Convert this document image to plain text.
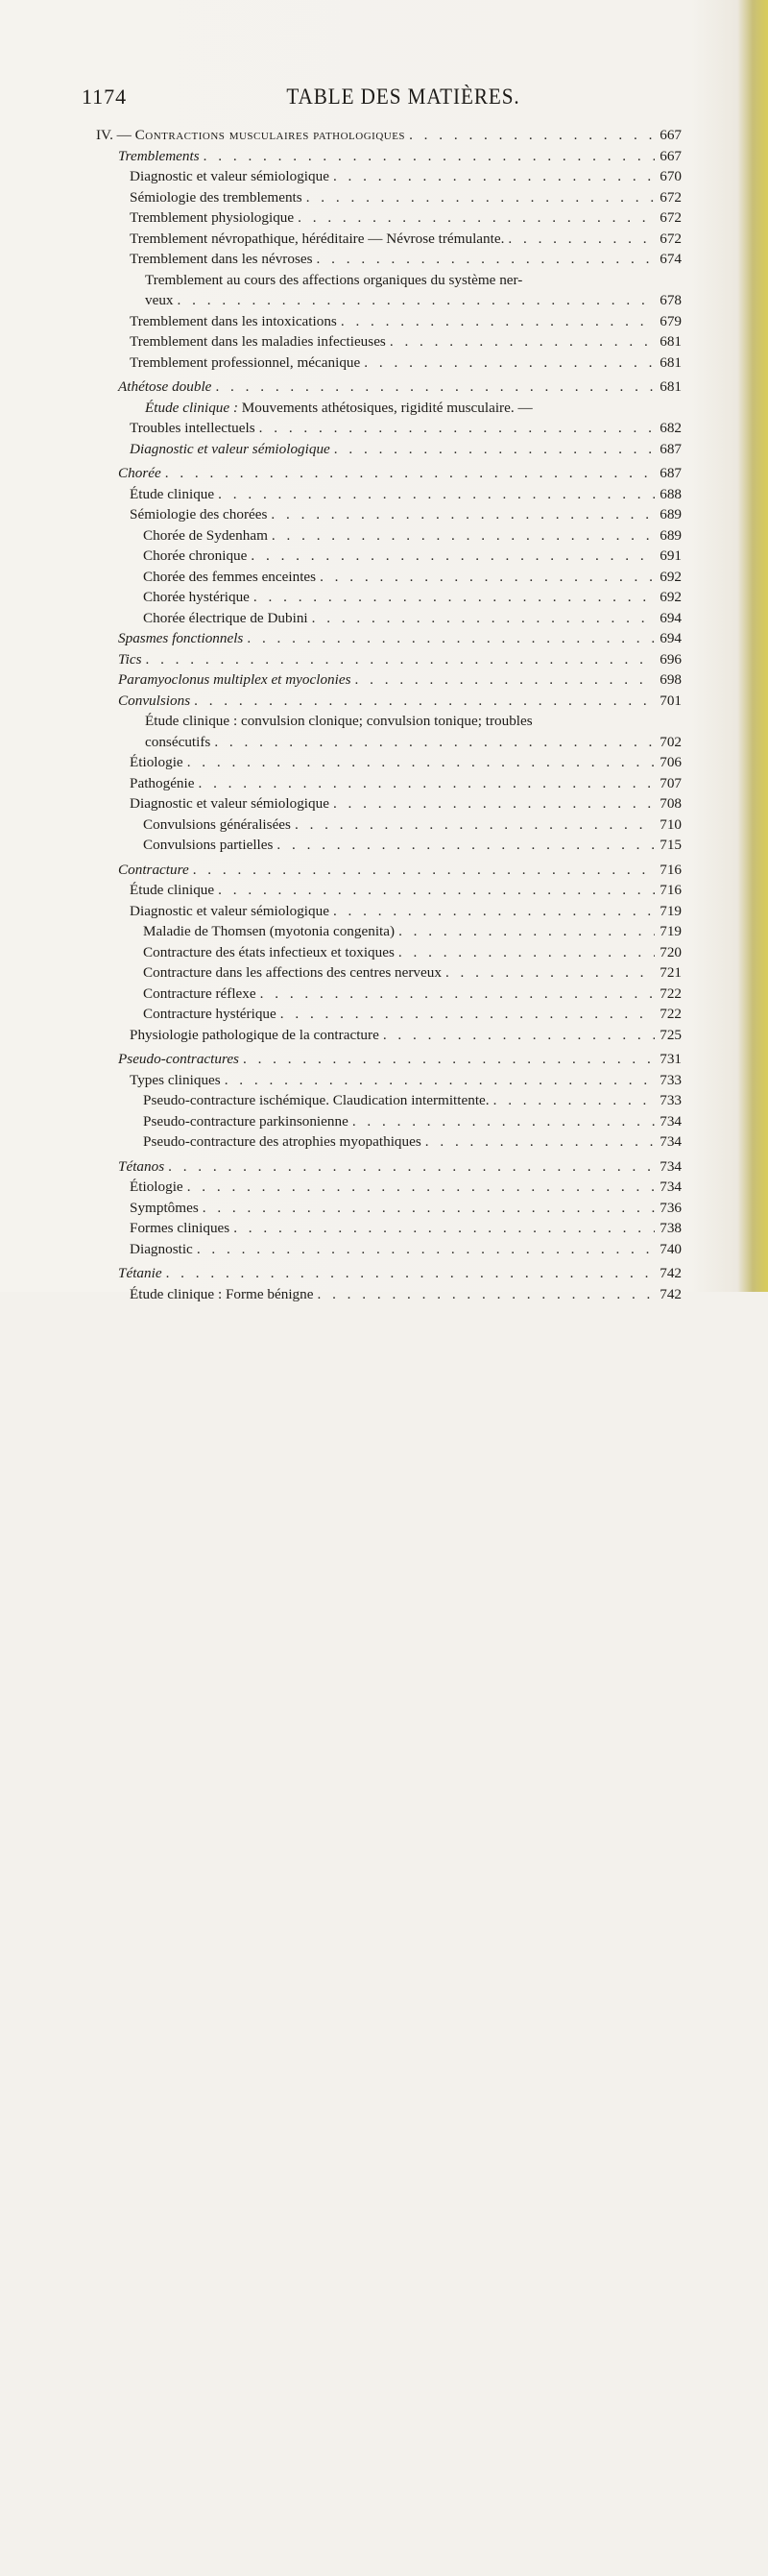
1174	TABLE DES MATIÈRES.
IV. — Contractions musculaires pathologiques . . .	667
Tremblements . . .	667
Diagnostic et valeur sémiologique . . .	670
Sémiologie des tremblements . . .	672
Tremblement physiologique . . .	672
Tremblement névropathique, héréditaire — Névrose trémulante. . . .	672
Tremblement dans les névroses . . .	674
Tremblement au cours des affections organiques du système ner-
veux . . .	678
Tremblement dans les intoxications . . .	679
Tremblement dans les maladies infectieuses . . .	681
Tremblement professionnel, mécanique . . .	681
Athétose double . . .	681
Étude clinique : Mouvements athétosiques, rigidité musculaire. —
Troubles intellectuels . . .	682
Diagnostic et valeur sémiologique . . .	687
Chorée . . .	687
Étude clinique . . .	688
Sémiologie des chorées . . .	689
Chorée de Sydenham . . .	689
Chorée chronique . . .	691
Chorée des femmes enceintes . . .	692
Chorée hystérique . . .	692
Chorée électrique de Dubini . . .	694
Spasmes fonctionnels . . .	694
Tics . . .	696
Paramyoclonus multiplex et myoclonies . . .	698
Convulsions . . .	701
Étude clinique : convulsion clonique; convulsion tonique; troubles
consécutifs . . .	702
Étiologie . . .	706
Pathogénie . . .	707
Diagnostic et valeur sémiologique . . .	708
Convulsions généralisées . . .	710
Convulsions partielles . . .	715
Contracture . . .	716
Étude clinique . . .	716
Diagnostic et valeur sémiologique . . .	719
Maladie de Thomsen (myotonia congenita) . . .	719
Contracture des états infectieux et toxiques . . .	720
Contracture dans les affections des centres nerveux . . .	721
Contracture réflexe . . .	722
Contracture hystérique . . .	722
Physiologie pathologique de la contracture . . .	725
Pseudo-contractures . . .	731
Types cliniques . . .	733
Pseudo-contracture ischémique. Claudication intermittente. . . .	733
Pseudo-contracture parkinsonienne . . .	734
Pseudo-contracture des atrophies myopathiques . . .	734
Tétanos . . .	734
Étiologie . . .	734
Symptômes . . .	736
Formes cliniques . . .	738
Diagnostic . . .	740
Tétanie . . .	742
Étude clinique : Forme bénigne . . .	742
